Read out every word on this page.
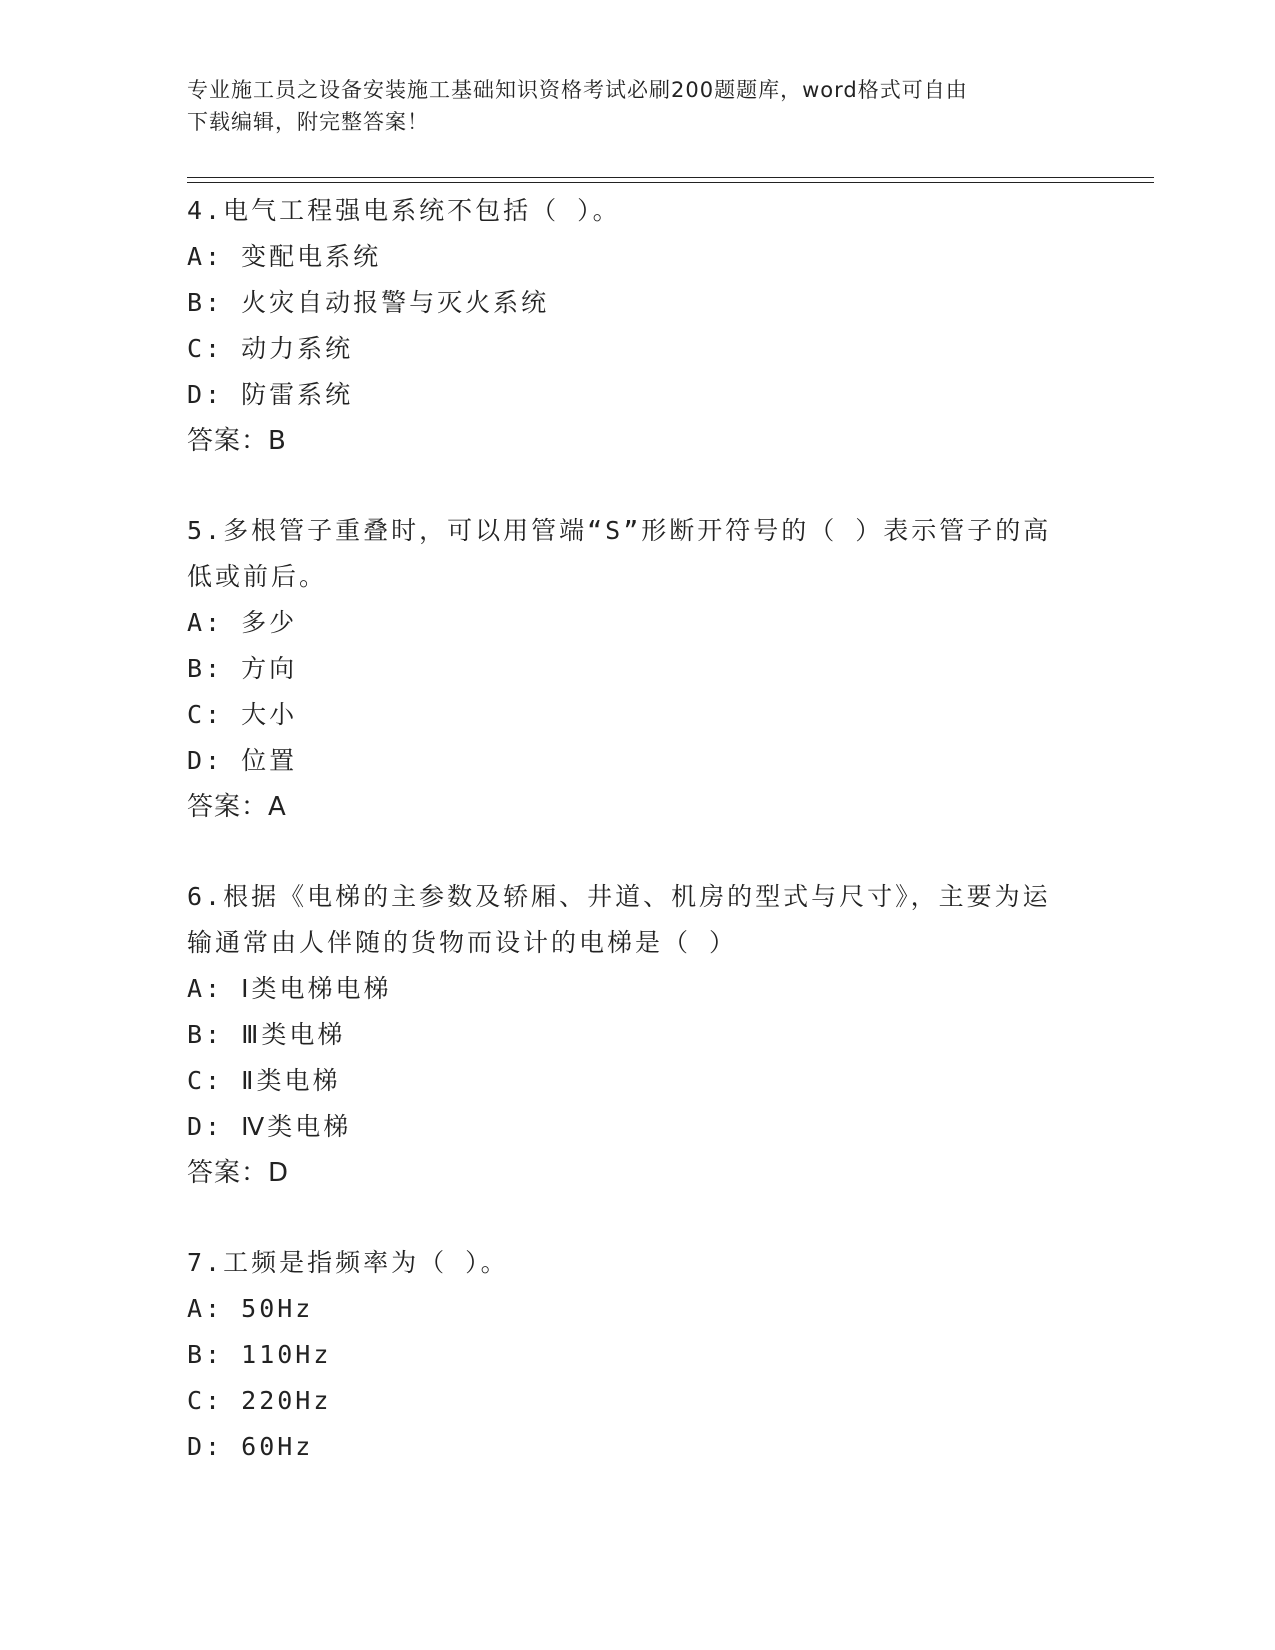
专业施工员之设备安装施工基础知识资格考试必刷200题题库，word格式可自由
下载编辑，附完整答案！
4.电气工程强电系统不包括（ ）。
A: 变配电系统
B: 火灾自动报警与灭火系统
C: 动力系统
D: 防雷系统
答案：B
5.多根管子重叠时，可以用管端“S”形断开符号的（ ）表示管子的高低或前后。
A: 多少
B: 方向
C: 大小
D: 位置
答案：A
6.根据《电梯的主参数及轿厢、井道、机房的型式与尺寸》，主要为运输通常由人伴随的货物而设计的电梯是（ ）
A: Ⅰ类电梯电梯
B: Ⅲ类电梯
C: Ⅱ类电梯
D: Ⅳ类电梯
答案：D
7.工频是指频率为（ ）。
A: 50Hz
B: 110Hz
C: 220Hz
D: 60Hz
